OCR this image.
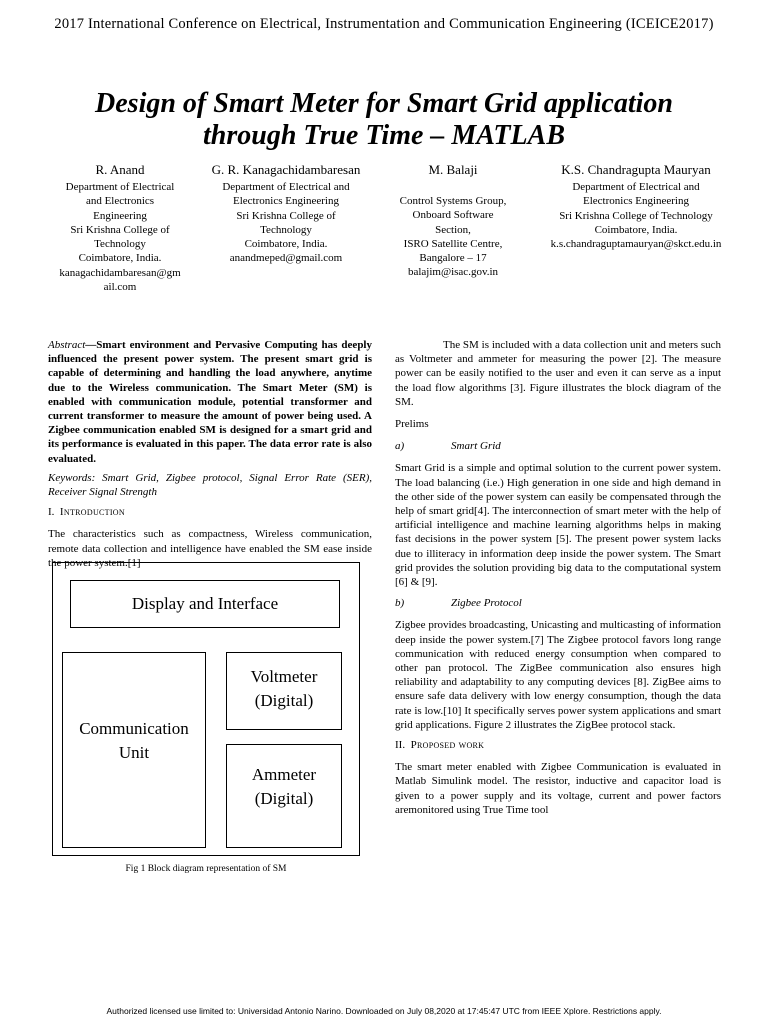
2017 International Conference on Electrical, Instrumentation and Communication Engineering (ICEICE2017)
Design of Smart Meter for Smart Grid application
through True Time – MATLAB
R. Anand
Department of Electrical
and Electronics
Engineering
Sri Krishna College of
Technology
Coimbatore, India.
kanagachidambaresan@gm
ail.com
G. R. Kanagachidambaresan
Department of Electrical and
Electronics Engineering
Sri Krishna College of
Technology
Coimbatore, India.
anandmeped@gmail.com
M. Balaji
Control Systems Group,
Onboard Software
Section,
ISRO Satellite Centre,
Bangalore – 17
balajim@isac.gov.in
K.S. Chandragupta Mauryan
Department of Electrical and
Electronics Engineering
Sri Krishna College of Technology
Coimbatore, India.
k.s.chandraguptamauryan@skct.edu.in

Abstract—Smart environment and Pervasive Computing has deeply influenced the present power system. The present smart grid is capable of determining and handling the load anywhere, anytime due to the Wireless communication. The Smart Meter (SM) is enabled with communication module, potential transformer and current transformer to measure the amount of power being used. A Zigbee communication enabled SM is designed for a smart grid and its performance is evaluated in this paper. The data error rate is also evaluated.

Keywords: Smart Grid, Zigbee protocol, Signal Error Rate (SER), Receiver Signal Strength

I. Introduction

The characteristics such as compactness, Wireless communication, remote data collection and intelligence have enabled the SM ease inside the power system.[1]

Display and Interface
Communication
Unit
Voltmeter
(Digital)
Ammeter
(Digital)
Fig 1 Block diagram representation of SM

The SM is included with a data collection unit and meters such as Voltmeter and ammeter for measuring the power [2]. The measure power can be easily notified to the user and even it can serve as a input the load flow algorithms [3]. Figure illustrates the block diagram of the SM.

Prelims

a)	Smart Grid

Smart Grid is a simple and optimal solution to the current power system. The load balancing (i.e.) High generation in one side and high demand in the other side of the power system can easily be compensated through the help of smart grid[4]. The interconnection of smart meter with the help of artificial intelligence and machine learning algorithms helps in making fast decisions in the power system [5]. The present power system lacks due to illiteracy in information deep inside the power system. The Smart grid provides the solution providing big data to the computational system [6] & [9].

b)	Zigbee Protocol

Zigbee provides broadcasting, Unicasting and multicasting of information deep inside the power system.[7] The Zigbee protocol favors long range communication with reduced energy consumption when compared to other pan protocol. The ZigBee communication also ensures high reliability and adaptability to any computing devices [8]. ZigBee aims to ensure safe data delivery with low energy consumption, though the data rate is low.[10] It specifically serves power system applications and smart grid applications. Figure 2 illustrates the ZigBee protocol stack.

II. Proposed work

The smart meter enabled with Zigbee Communication is evaluated in Matlab Simulink model. The resistor, inductive and capacitor load is given to a power supply and its voltage, current and power factors aremonitored using True Time tool

Authorized licensed use limited to: Universidad Antonio Narino. Downloaded on July 08,2020 at 17:45:47 UTC from IEEE Xplore. Restrictions apply.
